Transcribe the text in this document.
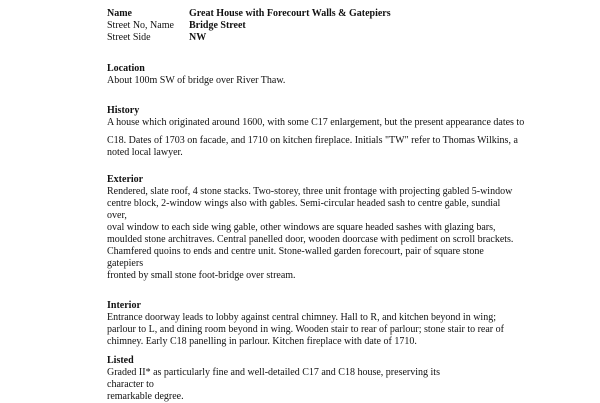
Name	Great House with Forecourt Walls & Gatepiers
Street No, Name	Bridge Street
Street Side	NW
Location
About 100m SW of bridge over River Thaw.
History
A house which originated around 1600, with some C17 enlargement, but the present appearance dates to
C18. Dates of 1703 on facade, and 1710 on kitchen fireplace. Initials "TW" refer to Thomas Wilkins, a
noted local lawyer.
Exterior
Rendered, slate roof, 4 stone stacks. Two-storey, three unit frontage with projecting gabled 5-window
centre block, 2-window wings also with gables. Semi-circular headed sash to centre gable, sundial
over,
oval window to each side wing gable, other windows are square headed sashes with glazing bars,
moulded stone architraves. Central panelled door, wooden doorcase with pediment on scroll brackets.
Chamfered quoins to ends and centre unit. Stone-walled garden forecourt, pair of square stone
gatepiers
fronted by small stone foot-bridge over stream.
Interior
Entrance doorway leads to lobby against central chimney. Hall to R, and kitchen beyond in wing;
parlour to L, and dining room beyond in wing. Wooden stair to rear of parlour; stone stair to rear of
chimney. Early C18 panelling in parlour. Kitchen fireplace with date of 1710.
Listed
Graded II* as particularly fine and well-detailed C17 and C18 house, preserving its
character to
remarkable degree.
